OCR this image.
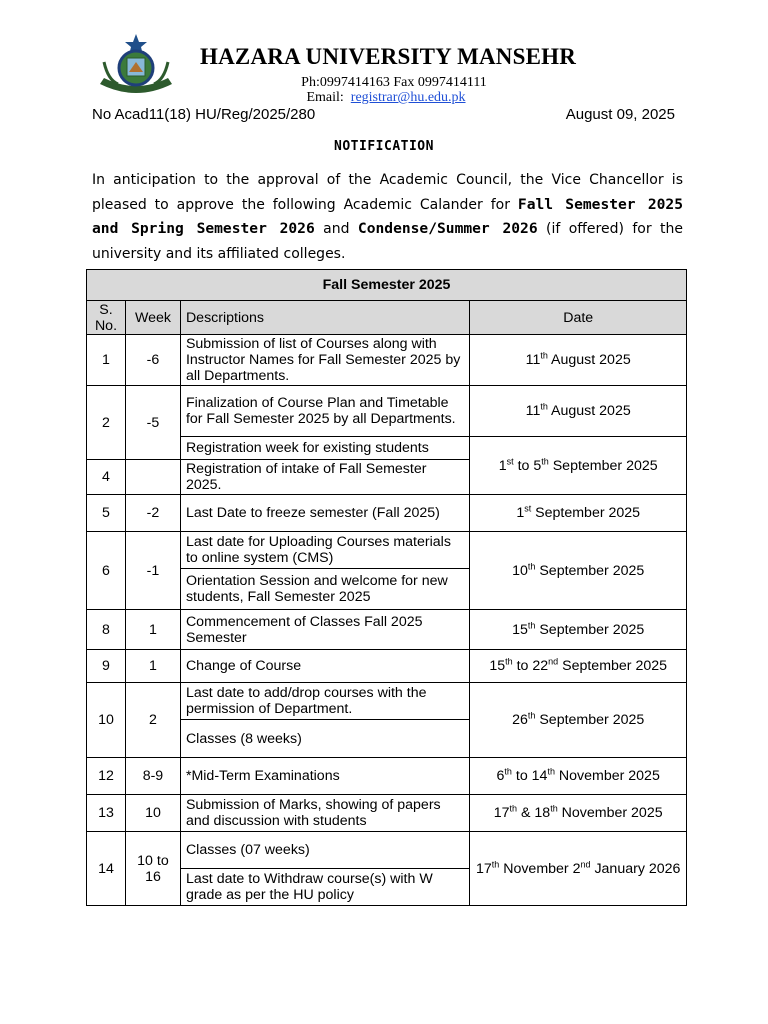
HAZARA UNIVERSITY MANSEHR
Ph:0997414163 Fax 0997414111
Email: registrar@hu.edu.pk
No Acad11(18) HU/Reg/2025/280	August 09, 2025
NOTIFICATION
In anticipation to the approval of the Academic Council, the Vice Chancellor is pleased to approve the following Academic Calander for Fall Semester 2025 and Spring Semester 2026 and Condense/Summer 2026 (if offered) for the university and its affiliated colleges.
Fall Semester 2025			
S. No.	Week	Descriptions	Date
1	-6	Submission of list of Courses along with Instructor Names for Fall Semester 2025 by all Departments.	11th August 2025
2	-5	Finalization of Course Plan and Timetable for Fall Semester 2025 by all Departments.	11th August 2025
		Registration week for existing students	1st to 5th September 2025
4		Registration of intake of Fall Semester 2025.	
5	-2	Last Date to freeze semester (Fall 2025)	1st September 2025
6	-1	Last date for Uploading Courses materials to online system (CMS)	10th September 2025
		Orientation Session and welcome for new students, Fall Semester 2025	
8	1	Commencement of Classes Fall 2025 Semester	15th September 2025
9	1	Change of Course	15th to 22nd September 2025
10	2	Last date to add/drop courses with the permission of Department.	26th September 2025
		Classes (8 weeks)	
12	8-9	*Mid-Term Examinations	6th to 14th November 2025
13	10	Submission of Marks, showing of papers and discussion with students	17th & 18th November 2025
14	10 to 16	Classes (07 weeks)	17th November 2nd January 2026
		Last date to Withdraw course(s) with W grade as per the HU policy	
